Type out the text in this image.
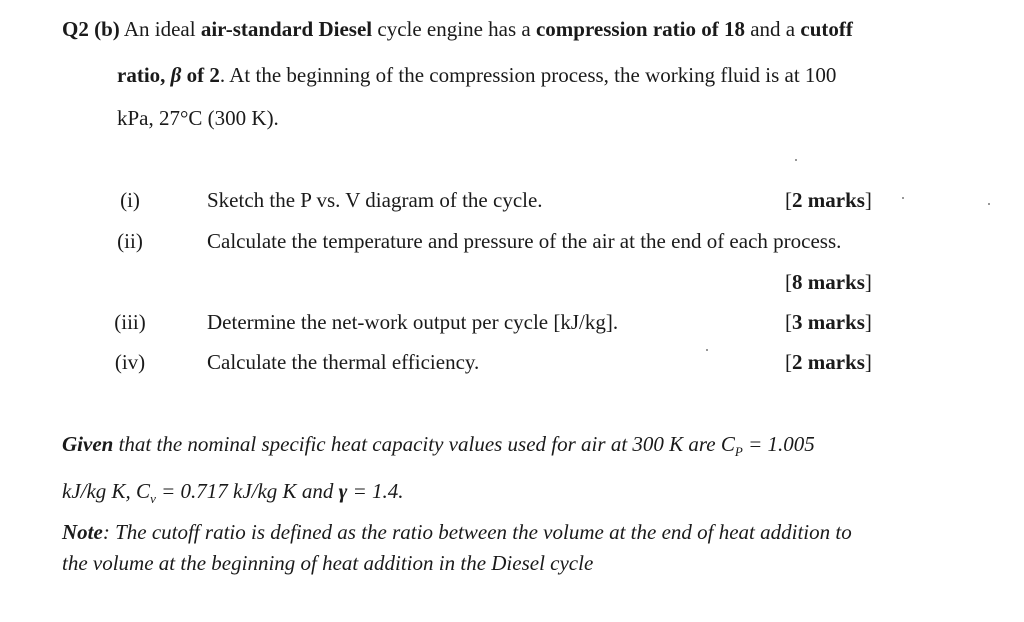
Q2 (b) An ideal air-standard Diesel cycle engine has a compression ratio of 18 and a cutoff
ratio, β of 2. At the beginning of the compression process, the working fluid is at 100
kPa, 27°C (300 K).
(i)	Sketch the P vs. V diagram of the cycle.	[2 marks]
(ii)	Calculate the temperature and pressure of the air at the end of each process.
[8 marks]
(iii)	Determine the net-work output per cycle [kJ/kg].	[3 marks]
(iv)	Calculate the thermal efficiency.	[2 marks]
Given that the nominal specific heat capacity values used for air at 300 K are $C_P = 1.005$
kJ/kg K, $C_v = 0.717$ kJ/kg K and γ = 1.4.
Note: The cutoff ratio is defined as the ratio between the volume at the end of heat addition to
the volume at the beginning of heat addition in the Diesel cycle
